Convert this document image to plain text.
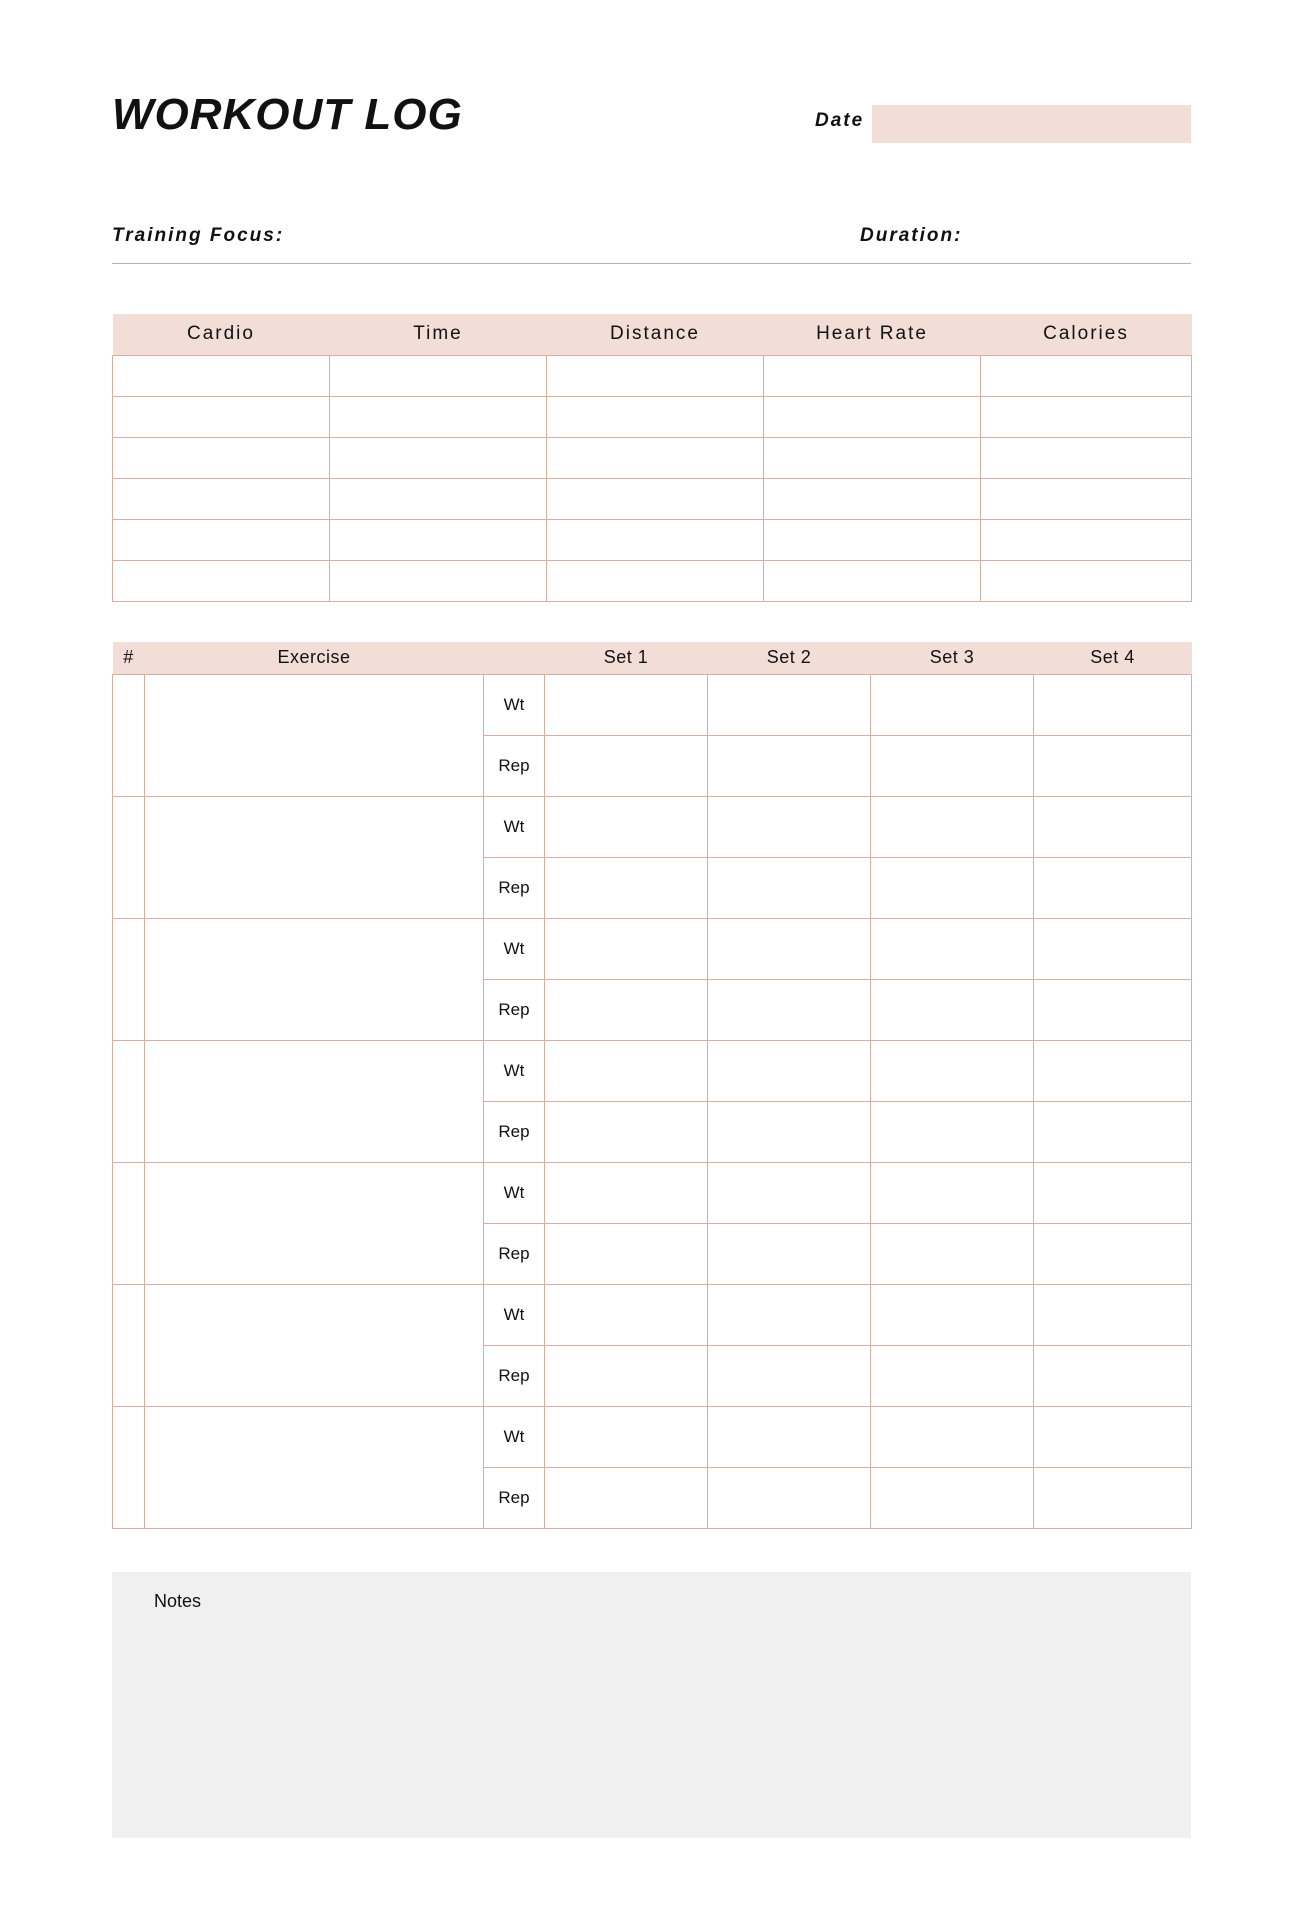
WORKOUT LOG	Date
Training Focus:	Duration:
Cardio	Time	Distance	Heart Rate	Calories

#	Exercise		Set 1	Set 2	Set 3	Set 4
		Wt				
		Rep				
		Wt				
		Rep				
		Wt				
		Rep				
		Wt				
		Rep				
		Wt				
		Rep				
		Wt				
		Rep				
		Wt				
		Rep				
Notes
